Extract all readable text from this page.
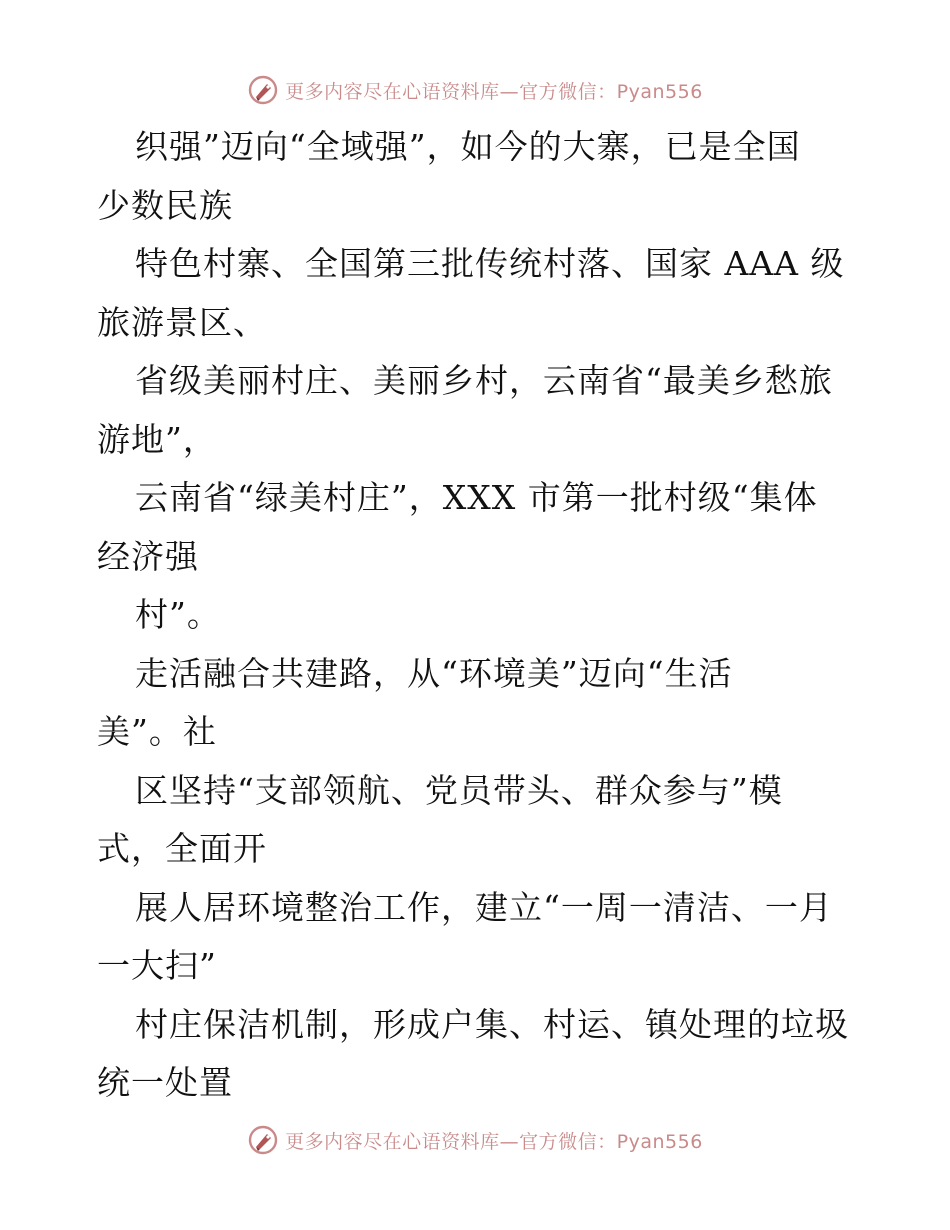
更多内容尽在心语资料库—官方微信：Pyan556
织强”迈向“全域强”，如今的大寨，已是全国
少数民族
特色村寨、全国第三批传统村落、国家 AAA 级
旅游景区、
省级美丽村庄、美丽乡村，云南省“最美乡愁旅
游地”，
云南省“绿美村庄”，XXX 市第一批村级“集体
经济强
村”。
走活融合共建路，从“环境美”迈向“生活
美”。社
区坚持“支部领航、党员带头、群众参与”模
式，全面开
展人居环境整治工作，建立“一周一清洁、一月
一大扫”
村庄保洁机制，形成户集、村运、镇处理的垃圾
统一处置
更多内容尽在心语资料库—官方微信：Pyan556
